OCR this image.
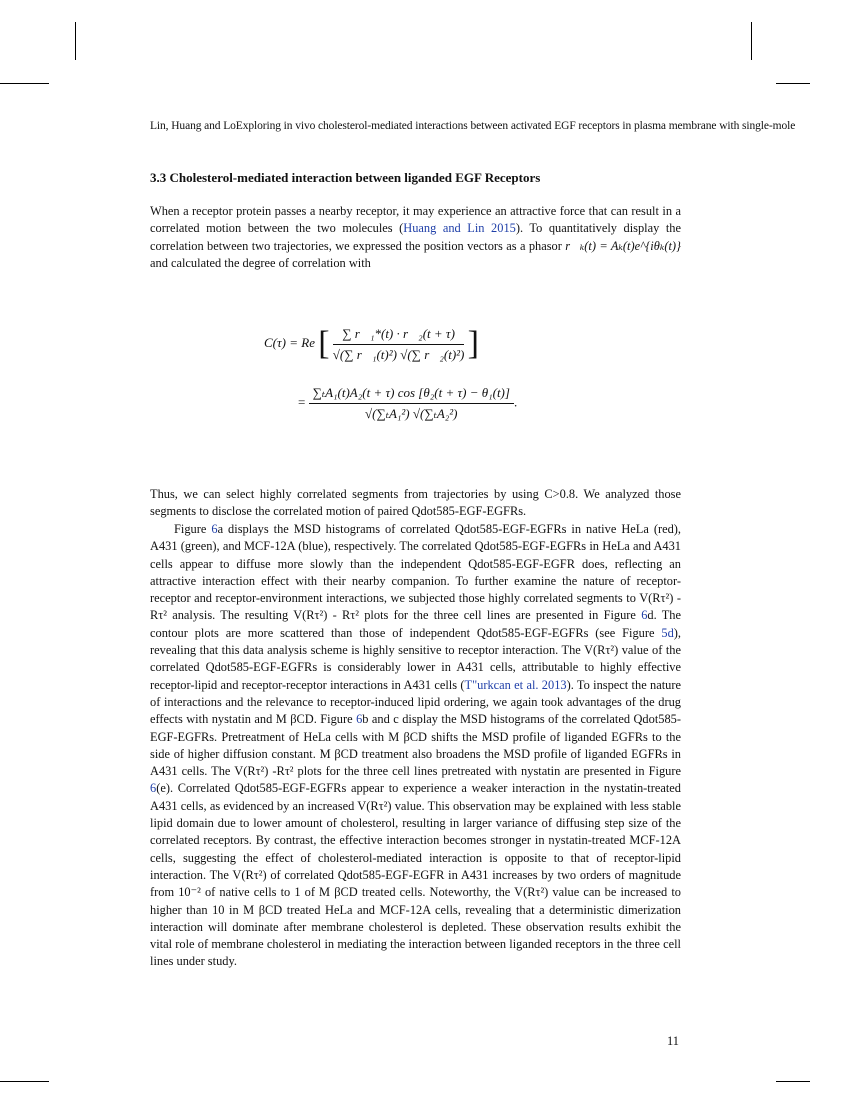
Lin, Huang and LoExploring in vivo cholesterol-mediated interactions between activated EGF receptors in plasma membrane with single-mole
3.3 Cholesterol-mediated interaction between liganded EGF Receptors

When a receptor protein passes a nearby receptor, it may experience an attractive force that can result in a correlated motion between the two molecules (Huang and Lin 2015). To quantitatively display the correlation between two trajectories, we expressed the position vectors as a phasor r⃗ₖ(t) = Aₖ(t)e^{iθₖ(t)} and calculated the degree of correlation with

C(τ) = Re [ $\frac{\text{∑ r⃗₁*(t) · r⃗₂(t + τ)}}{\text{√(∑ r⃗₁(t)²) √(∑ r⃗₂(t)²)}}$ ]
= $\frac{\text{∑ₜA₁(t)A₂(t + τ) cos [θ₂(t + τ) − θ₁(t)]}}{\text{√(∑ₜA₁²) √(∑ₜA₂²)}}$ .

Thus, we can select highly correlated segments from trajectories by using C>0.8. We analyzed those segments to disclose the correlated motion of paired Qdot585-EGF-EGFRs.

Figure 6a displays the MSD histograms of correlated Qdot585-EGF-EGFRs in native HeLa (red), A431 (green), and MCF-12A (blue), respectively. The correlated Qdot585-EGF-EGFRs in HeLa and A431 cells appear to diffuse more slowly than the independent Qdot585-EGF-EGFR does, reflecting an attractive interaction effect with their nearby companion. To further examine the nature of receptor-receptor and receptor-environment interactions, we subjected those highly correlated segments to V(Rτ²) -Rτ² analysis. The resulting V(Rτ²) - Rτ² plots for the three cell lines are presented in Figure 6d. The contour plots are more scattered than those of independent Qdot585-EGF-EGFRs (see Figure 5d), revealing that this data analysis scheme is highly sensitive to receptor interaction. The V(Rτ²) value of the correlated Qdot585-EGF-EGFRs is considerably lower in A431 cells, attributable to highly effective receptor-lipid and receptor-receptor interactions in A431 cells (T"urkcan et al. 2013). To inspect the nature of interactions and the relevance to receptor-induced lipid ordering, we again took advantages of the drug effects with nystatin and M βCD. Figure 6b and c display the MSD histograms of the correlated Qdot585-EGF-EGFRs. Pretreatment of HeLa cells with M βCD shifts the MSD profile of liganded EGFRs to the side of higher diffusion constant. M βCD treatment also broadens the MSD profile of liganded EGFRs in A431 cells. The V(Rτ²) -Rτ² plots for the three cell lines pretreated with nystatin are presented in Figure 6(e). Correlated Qdot585-EGF-EGFRs appear to experience a weaker interaction in the nystatin-treated A431 cells, as evidenced by an increased V(Rτ²) value. This observation may be explained with less stable lipid domain due to lower amount of cholesterol, resulting in larger variance of diffusing step size of the correlated receptors. By contrast, the effective interaction becomes stronger in nystatin-treated MCF-12A cells, suggesting the effect of cholesterol-mediated interaction is opposite to that of receptor-lipid interaction. The V(Rτ²) of correlated Qdot585-EGF-EGFR in A431 increases by two orders of magnitude from 10⁻² of native cells to 1 of M βCD treated cells. Noteworthy, the V(Rτ²) value can be increased to higher than 10 in M βCD treated HeLa and MCF-12A cells, revealing that a deterministic dimerization interaction will dominate after membrane cholesterol is depleted. These observation results exhibit the vital role of membrane cholesterol in mediating the interaction between liganded receptors in the three cell lines under study.

11
